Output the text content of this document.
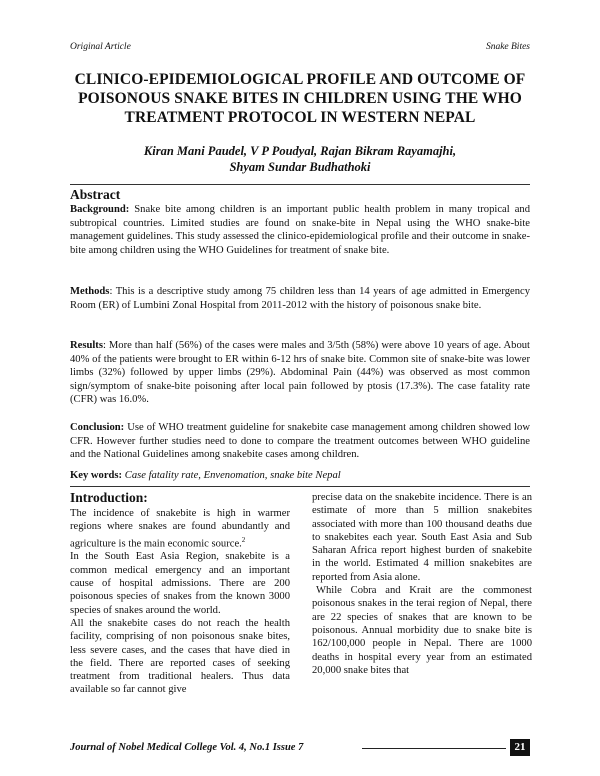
Original Article	Snake Bites
CLINICO-EPIDEMIOLOGICAL PROFILE AND OUTCOME OF
POISONOUS SNAKE BITES IN CHILDREN USING THE WHO
TREATMENT PROTOCOL IN WESTERN NEPAL
Kiran Mani Paudel, V P Poudyal, Rajan Bikram Rayamajhi,
Shyam Sundar Budhathoki
Abstract
Background: Snake bite among children is an important public health problem in many tropical and subtropical countries. Limited studies are found on snake-bite in Nepal using the WHO snake-bite management guidelines. This study assessed the clinico-epidemiological profile and their outcome in snake-bite among children using the WHO Guidelines for treatment of snake bite.
Methods: This is a descriptive study among 75 children less than 14 years of age admitted in Emergency Room (ER) of Lumbini Zonal Hospital from 2011-2012 with the history of poisonous snake bite.
Results: More than half (56%) of the cases were males and 3/5th (58%) were above 10 years of age. About 40% of the patients were brought to ER within 6-12 hrs of snake bite. Common site of snake-bite was lower limbs (32%) followed by upper limbs (29%). Abdominal Pain (44%) was observed as most common sign/symptom of snake-bite poisoning after local pain followed by ptosis (17.3%). The case fatality rate (CFR) was 16.0%.
Conclusion: Use of WHO treatment guideline for snakebite case management among children showed low CFR. However further studies need to done to compare the treatment outcomes between WHO guideline and the National Guidelines among snakebite cases among children.
Key words: Case fatality rate, Envenomation, snake bite Nepal
Introduction:

The incidence of snakebite is high in warmer regions where snakes are found abundantly and agriculture is the main economic source.$^2$

In the South East Asia Region, snakebite is a common medical emergency and an important cause of hospital admissions. There are 200 poisonous species of snakes from the known 3000 species of snakes around the world.

All the snakebite cases do not reach the health facility, comprising of non poisonous snake bites, less severe cases, and the cases that have died in the field. There are reported cases of seeking treatment from traditional healers. Thus data available so far cannot give

precise data on the snakebite incidence. There is an estimate of more than 5 million snakebites associated with more than 100 thousand deaths due to snakebites each year. South East Asia and Sub Saharan Africa report highest burden of snakebite in the world. Estimated 4 million snakebites are reported from Asia alone.

While Cobra and Krait are the commonest poisonous snakes in the terai region of Nepal, there are 22 species of snakes that are known to be poisonous. Annual morbidity due to snake bite is 162/100,000 people in Nepal. There are 1000 deaths in hospital every year from an estimated 20,000 snake bites that

Journal of Nobel Medical College Vol. 4, No.1 Issue 7	21
